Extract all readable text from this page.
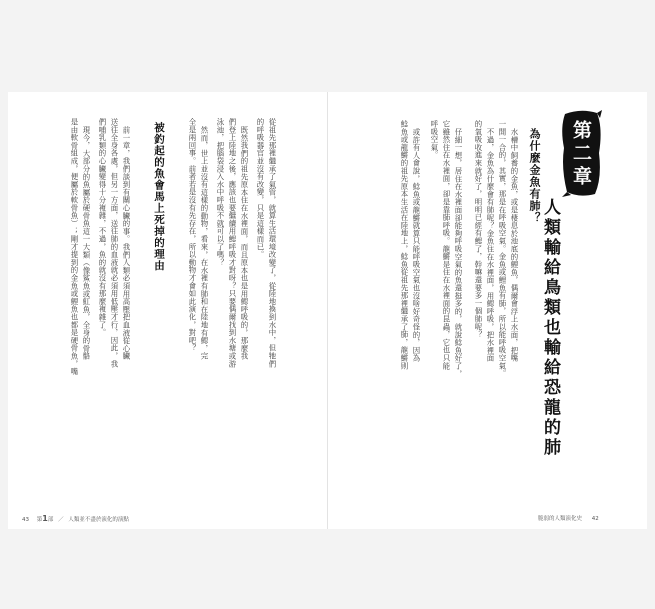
第二章
人類輸給鳥類也輸給恐龍的肺
為什麼金魚有肺？
水槽中飼養的金魚，或是棲息於池底的鯉魚，偶爾會浮上水面，把嘴
一開一合的，其實，那是在呼吸空氣。金魚或鯉魚有肺，所以能呼吸空氣。
不過，金魚為什麼會有肺呢？金魚住在水裡面，用鰓呼吸，把水裡面
的氧吸收進來就好了，明明已經有鰓了，幹嘛還要多一個肺呢？
仔細一想，居住在水裡面卻能夠呼吸空氣的魚還挺多的，就說鯰魚好了，
它雖然住在水裡面，卻是靠肺呼吸。龍鱂是住在水裡面的昆蟲，它也只能
呼吸空氣。
或許有人會說，鯰魚或龍鱂就算只能呼吸空氣也沒啥好奇怪的，因為
鯰魚或龍鱂的祖先原本生活在陸地上，鯰魚從祖先那裡繼承了肺，龍鱂則
從祖先那裡繼承了氣管，就算生活環境改變了，從陸地換到水中，但牠們
的呼吸器官並沒有改變，只是這樣而已。
既然我們的祖先原本住在水裡面，而且原本也是用鰓呼吸的，那麼我
們登上陸地之後，應該也要繼續用鰓呼吸才對呀？只要偶爾找到水塘或游
泳池，把腦袋浸入水中呼吸不就可以了嗎？
然而，世上並沒有這樣的動物，看來，在水裡有肺和在陸地有鰓，完
全是兩回事。前者若是沒有先存在，所以動物才會如此演化，對吧？
被釣起的魚會馬上死掉的理由
前一章，我們談到有關心臟的事。我們人類必須用高壓把血液從心臟
送往全身各處，但另一方面，送往肺的血液就必須用低壓才行，因此，我
們哺乳類的心臟變得十分複雜，不過，魚的就沒有那麼複雜了。
現今，大部分的魚屬於硬骨魚這一大類（像鯊魚或魟魚，全身的骨骼
是由軟骨組成，便屬於軟骨魚）；剛才提到的金魚或鯉魚也都是硬骨魚，嘴
43 第1部 ／ 人類並不盡於演化的演點	脆弱的人類演化史 42
